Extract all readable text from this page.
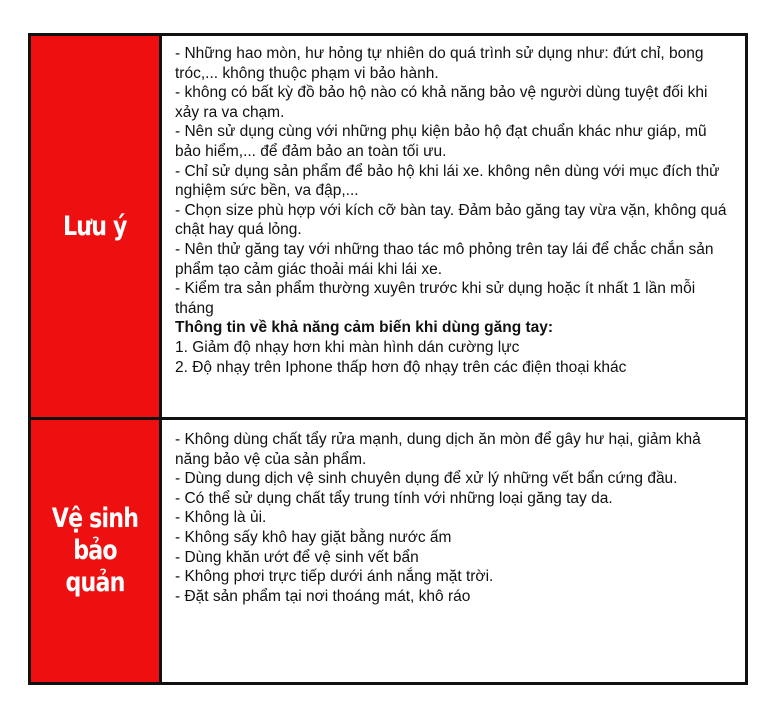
Lưu ý

- Những hao mòn, hư hỏng tự nhiên do quá trình sử dụng như: đứt chỉ, bong tróc,... không thuộc phạm vi bảo hành.

- không có bất kỳ đồ bảo hộ nào có khả năng bảo vệ người dùng tuyệt đối khi xảy ra va chạm.

- Nên sử dụng cùng với những phụ kiện bảo hộ đạt chuẩn khác như giáp, mũ bảo hiểm,... để đảm bảo an toàn tối ưu.

- Chỉ sử dụng sản phẩm để bảo hộ khi lái xe. không nên dùng với mục đích thử nghiệm sức bền, va đập,...

- Chọn size phù hợp với kích cỡ bàn tay. Đảm bảo găng tay vừa vặn, không quá chật hay quá lỏng.

- Nên thử găng tay với những thao tác mô phỏng trên tay lái để chắc chắn sản phẩm tạo cảm giác thoải mái khi lái xe.

- Kiểm tra sản phẩm thường xuyên trước khi sử dụng hoặc ít nhất 1 lần mỗi tháng

Thông tin về khả năng cảm biến khi dùng găng tay:

1. Giảm độ nhạy hơn khi màn hình dán cường lực

2. Độ nhạy trên Iphone thấp hơn độ nhạy trên các điện thoại khác

Vệ sinh
bảo quản

- Không dùng chất tẩy rửa mạnh, dung dịch ăn mòn để gây hư hại, giảm khả năng bảo vệ của sản phẩm.

- Dùng dung dịch vệ sinh chuyên dụng để xử lý những vết bẩn cứng đầu.

- Có thể sử dụng chất tẩy trung tính với những loại găng tay da.

- Không là ủi.

- Không sấy khô hay giặt bằng nước ấm

- Dùng khăn ướt để vệ sinh vết bẩn

- Không phơi trực tiếp dưới ánh nắng mặt trời.

- Đặt sản phẩm tại nơi thoáng mát, khô ráo
